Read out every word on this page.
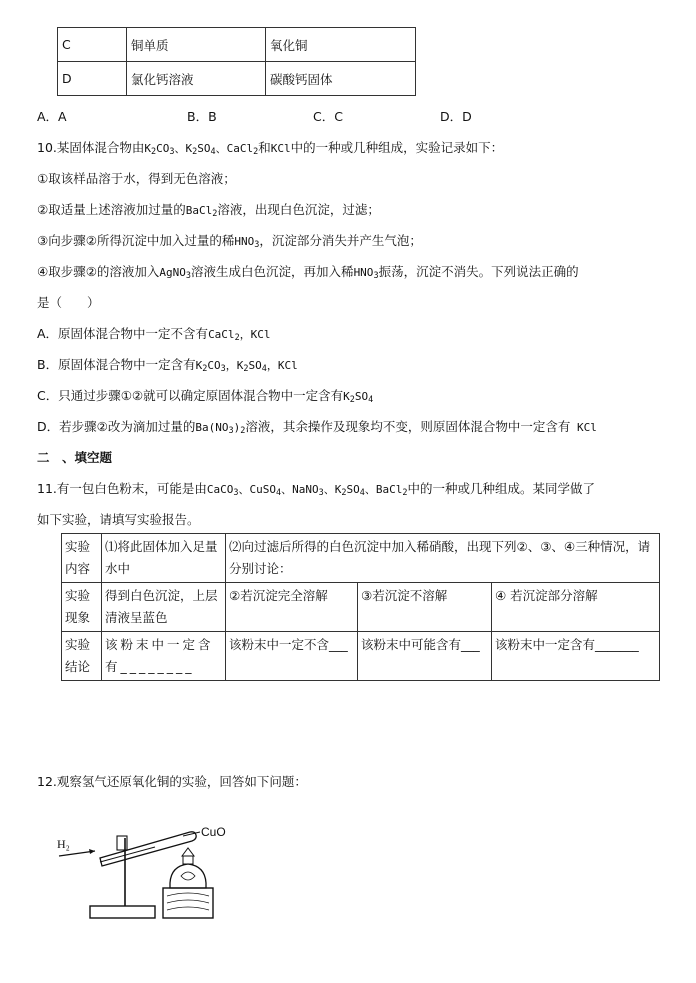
C	铜单质	氧化铜
D	氯化钙溶液	碳酸钙固体
A．A	B．B	C．C	D．D
10.某固体混合物由$K_2CO_3$、$K_2SO_4$、CaCl$_2$和KCl中的一种或几种组成，实验记录如下：
①取该样品溶于水，得到无色溶液；
②取适量上述溶液加过量的BaCl$_2$溶液，出现白色沉淀，过滤；
③向步骤②所得沉淀中加入过量的稀$HNO_3$，沉淀部分消失并产生气泡；
④取步骤②的溶液加入AgNO$_3$溶液生成白色沉淀，再加入稀$HNO_3$振荡，沉淀不消失。下列说法正确的
是（　　）
A．原固体混合物中一定不含有CaCl$_2$，KCl
B．原固体混合物中一定含有$K_2CO_3$，$K_2SO_4$，KCl
C．只通过步骤①②就可以确定原固体混合物中一定含有$K_2SO_4$
D．若步骤②改为滴加过量的$Ba(NO_3)_2$溶液，其余操作及现象均不变，则原固体混合物中一定含有 KCl
二　、填空题
11.有一包白色粉末，可能是由CaCO$_3$、CuSO$_4$、NaNO$_3$、$K_2SO_4$、BaCl$_2$中的一种或几种组成。某同学做了
如下实验，请填写实验报告。
实验内容	⑴将此固体加入足量水中	⑵向过滤后所得的白色沉淀中加入稀硝酸，出现下列②、③、④三种情况，请分别讨论：		
实验现象	得到白色沉淀，上层清液呈蓝色	②若沉淀完全溶解	③若沉淀不溶解	④ 若沉淀部分溶解
实验结论	该粉末中一定含有________	该粉末中一定不含___	该粉末中可能含有___	该粉末中一定含有_______
12.观察氢气还原氧化铜的实验，回答如下问题：
H₂
CuO
